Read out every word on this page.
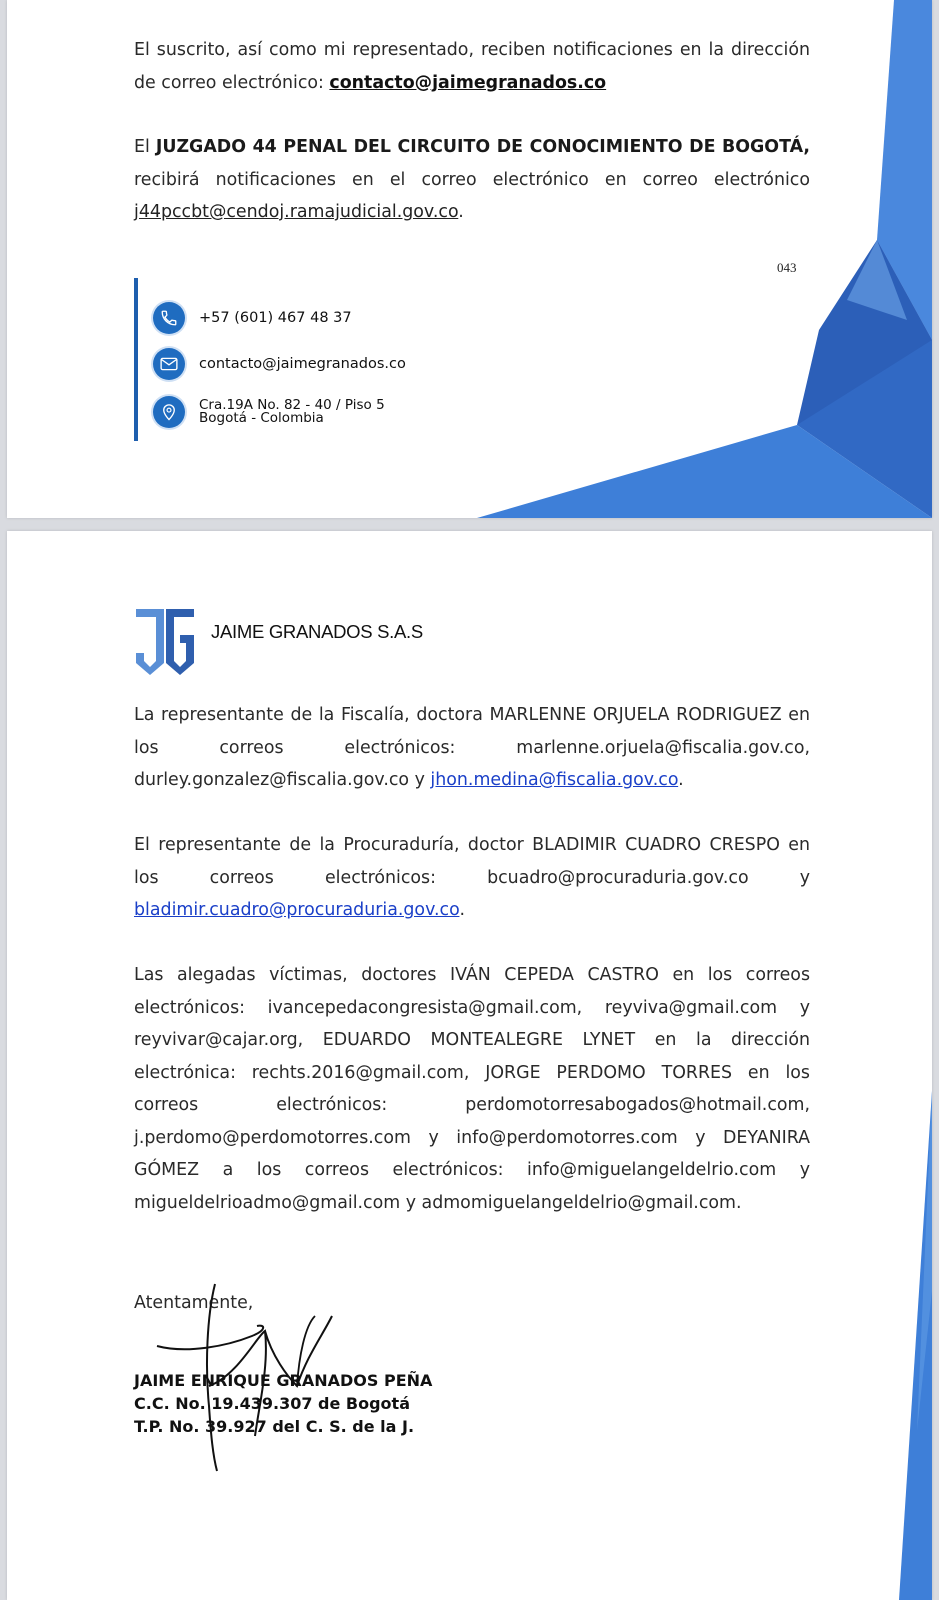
El suscrito, así como mi representado, reciben notificaciones en la dirección de correo electrónico: contacto@jaimegranados.co
El JUZGADO 44 PENAL DEL CIRCUITO DE CONOCIMIENTO DE BOGOTÁ, recibirá notificaciones en el correo electrónico en correo electrónico j44pccbt@cendoj.ramajudicial.gov.co.
043
+57 (601) 467 48 37
contacto@jaimegranados.co
Cra.19A No. 82 - 40 / Piso 5
Bogotá - Colombia
JAIME GRANADOS S.A.S
La representante de la Fiscalía, doctora MARLENNE ORJUELA RODRIGUEZ en los correos electrónicos: marlenne.orjuela@fiscalia.gov.co, durley.gonzalez@fiscalia.gov.co y jhon.medina@fiscalia.gov.co.
El representante de la Procuraduría, doctor BLADIMIR CUADRO CRESPO en los correos electrónicos: bcuadro@procuraduria.gov.co y bladimir.cuadro@procuraduria.gov.co.
Las alegadas víctimas, doctores IVÁN CEPEDA CASTRO en los correos electrónicos: ivancepedacongresista@gmail.com, reyviva@gmail.com y reyvivar@cajar.org, EDUARDO MONTEALEGRE LYNET en la dirección electrónica: rechts.2016@gmail.com, JORGE PERDOMO TORRES en los correos electrónicos: perdomotorresabogados@hotmail.com, j.perdomo@perdomotorres.com y info@perdomotorres.com y DEYANIRA GÓMEZ a los correos electrónicos: info@miguelangeldelrio.com y migueldelrioadmo@gmail.com y admomiguelangeldelrio@gmail.com.
Atentamente,
JAIME ENRIQUE GRANADOS PEÑA
C.C. No. 19.439.307 de Bogotá
T.P. No. 39.927 del C. S. de la J.
